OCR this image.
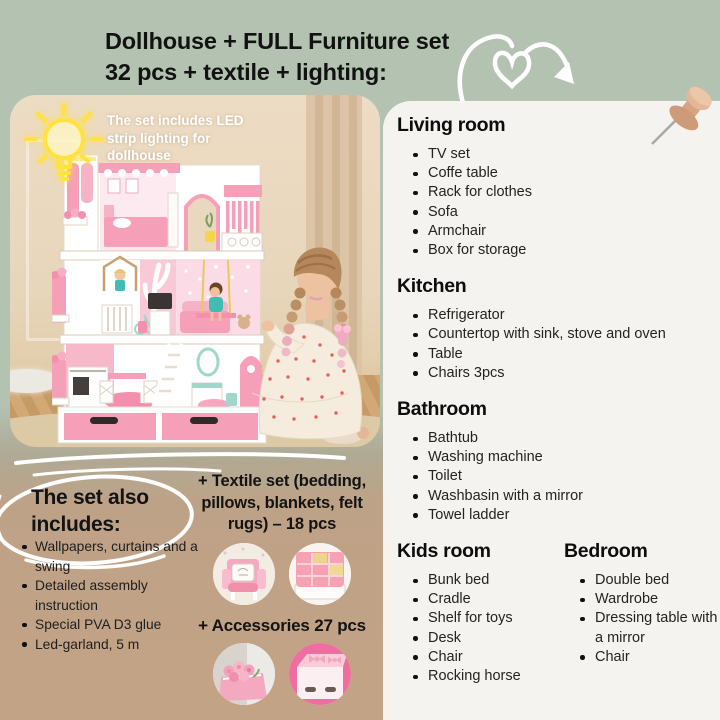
Dollhouse + FULL Furniture set
32 pcs + textile + lighting:
The set includes LED strip lighting for dollhouse
Living room
TV set
Coffe table
Rack for clothes
Sofa
Armchair
Box for storage
Kitchen
Refrigerator
Countertop with sink, stove and oven
Table
Chairs 3pcs
Bathroom
Bathtub
Washing machine
Toilet
Washbasin with a mirror
Towel ladder
Kids room
Bunk bed
Cradle
Shelf for toys
Desk
Chair
Rocking horse
Bedroom
Double bed
Wardrobe
Dressing table with a mirror
Chair
The set also includes:
Wallpapers, curtains and a swing
Detailed assembly instruction
Special PVA D3 glue
Led-garland, 5 m
+ Textile set (bedding, pillows, blankets, felt rugs) – 18 pcs
+ Accessories 27 pcs
